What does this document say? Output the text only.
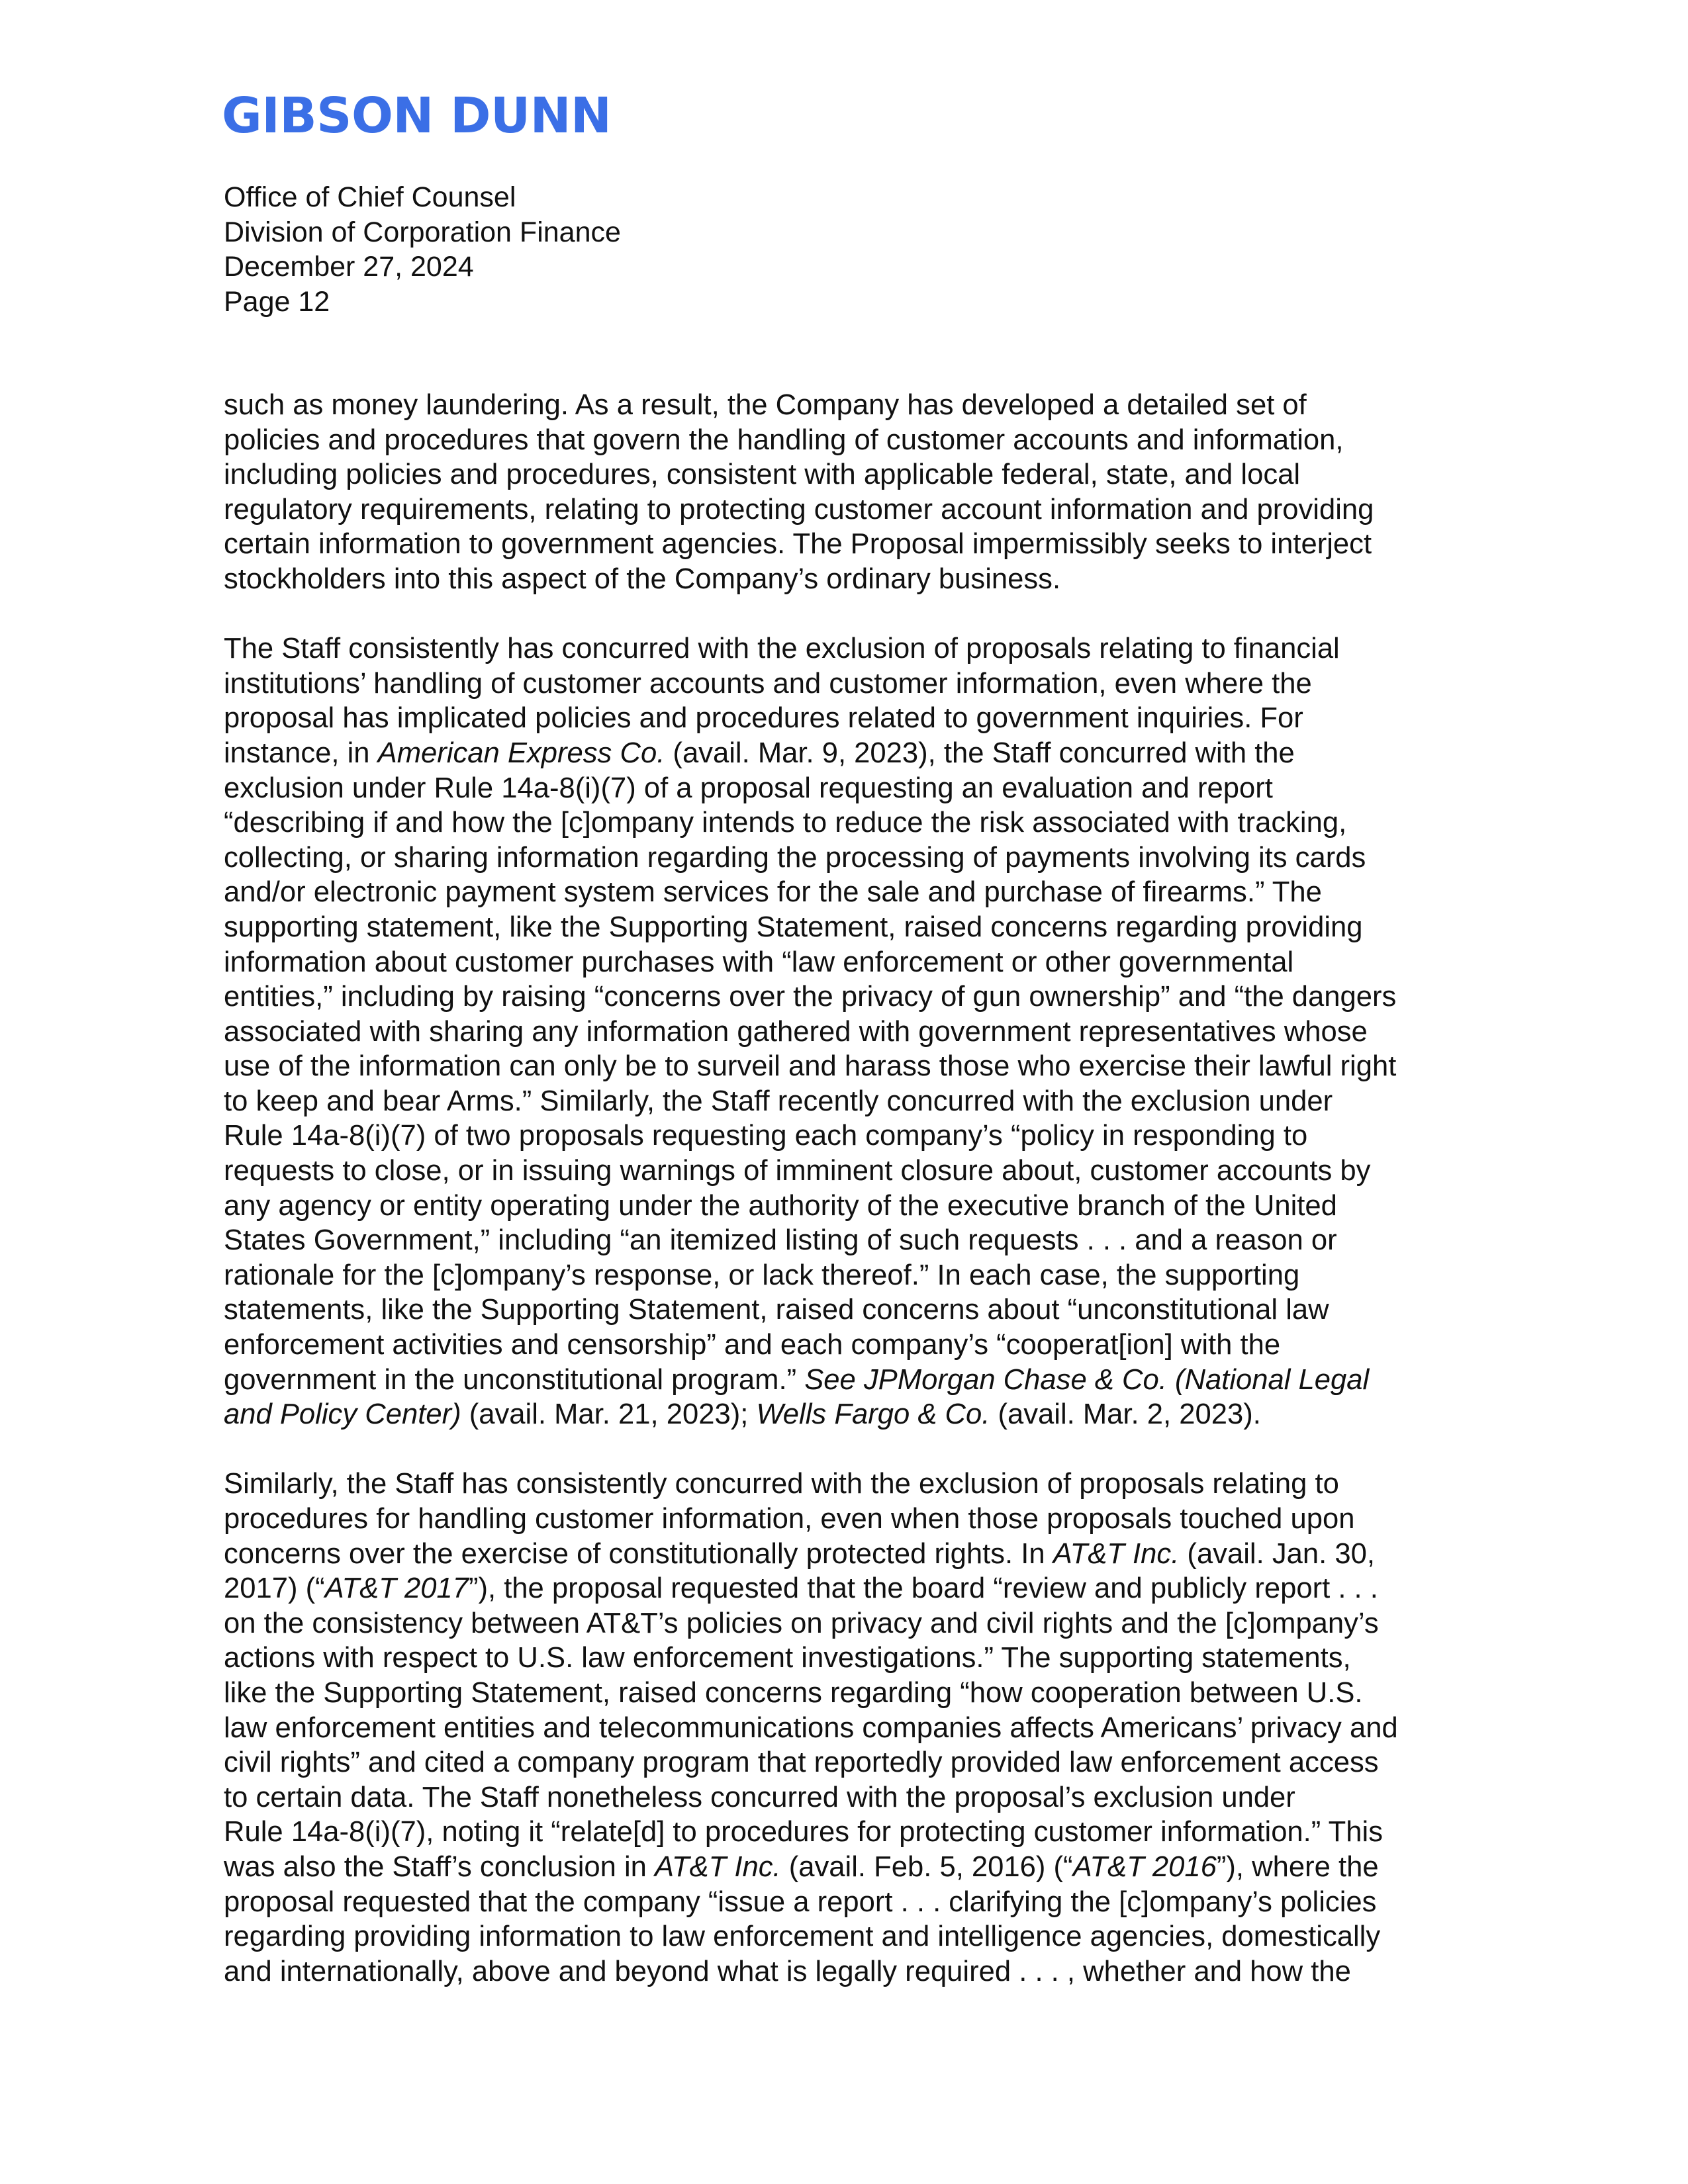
GIBSON DUNN
Office of Chief Counsel
Division of Corporation Finance
December 27, 2024
Page 12
such as money laundering. As a result, the Company has developed a detailed set of
policies and procedures that govern the handling of customer accounts and information,
including policies and procedures, consistent with applicable federal, state, and local
regulatory requirements, relating to protecting customer account information and providing
certain information to government agencies. The Proposal impermissibly seeks to interject
stockholders into this aspect of the Company’s ordinary business.
The Staff consistently has concurred with the exclusion of proposals relating to financial
institutions’ handling of customer accounts and customer information, even where the
proposal has implicated policies and procedures related to government inquiries. For
instance, in American Express Co. (avail. Mar. 9, 2023), the Staff concurred with the
exclusion under Rule 14a-8(i)(7) of a proposal requesting an evaluation and report
“describing if and how the [c]ompany intends to reduce the risk associated with tracking,
collecting, or sharing information regarding the processing of payments involving its cards
and/or electronic payment system services for the sale and purchase of firearms.” The
supporting statement, like the Supporting Statement, raised concerns regarding providing
information about customer purchases with “law enforcement or other governmental
entities,” including by raising “concerns over the privacy of gun ownership” and “the dangers
associated with sharing any information gathered with government representatives whose
use of the information can only be to surveil and harass those who exercise their lawful right
to keep and bear Arms.” Similarly, the Staff recently concurred with the exclusion under
Rule 14a-8(i)(7) of two proposals requesting each company’s “policy in responding to
requests to close, or in issuing warnings of imminent closure about, customer accounts by
any agency or entity operating under the authority of the executive branch of the United
States Government,” including “an itemized listing of such requests . . . and a reason or
rationale for the [c]ompany’s response, or lack thereof.” In each case, the supporting
statements, like the Supporting Statement, raised concerns about “unconstitutional law
enforcement activities and censorship” and each company’s “cooperat[ion] with the
government in the unconstitutional program.” See JPMorgan Chase & Co. (National Legal
and Policy Center) (avail. Mar. 21, 2023); Wells Fargo & Co. (avail. Mar. 2, 2023).
Similarly, the Staff has consistently concurred with the exclusion of proposals relating to
procedures for handling customer information, even when those proposals touched upon
concerns over the exercise of constitutionally protected rights. In AT&T Inc. (avail. Jan. 30,
2017) (“AT&T 2017”), the proposal requested that the board “review and publicly report . . .
on the consistency between AT&T’s policies on privacy and civil rights and the [c]ompany’s
actions with respect to U.S. law enforcement investigations.” The supporting statements,
like the Supporting Statement, raised concerns regarding “how cooperation between U.S.
law enforcement entities and telecommunications companies affects Americans’ privacy and
civil rights” and cited a company program that reportedly provided law enforcement access
to certain data. The Staff nonetheless concurred with the proposal’s exclusion under
Rule 14a-8(i)(7), noting it “relate[d] to procedures for protecting customer information.” This
was also the Staff’s conclusion in AT&T Inc. (avail. Feb. 5, 2016) (“AT&T 2016”), where the
proposal requested that the company “issue a report . . . clarifying the [c]ompany’s policies
regarding providing information to law enforcement and intelligence agencies, domestically
and internationally, above and beyond what is legally required . . . , whether and how the
